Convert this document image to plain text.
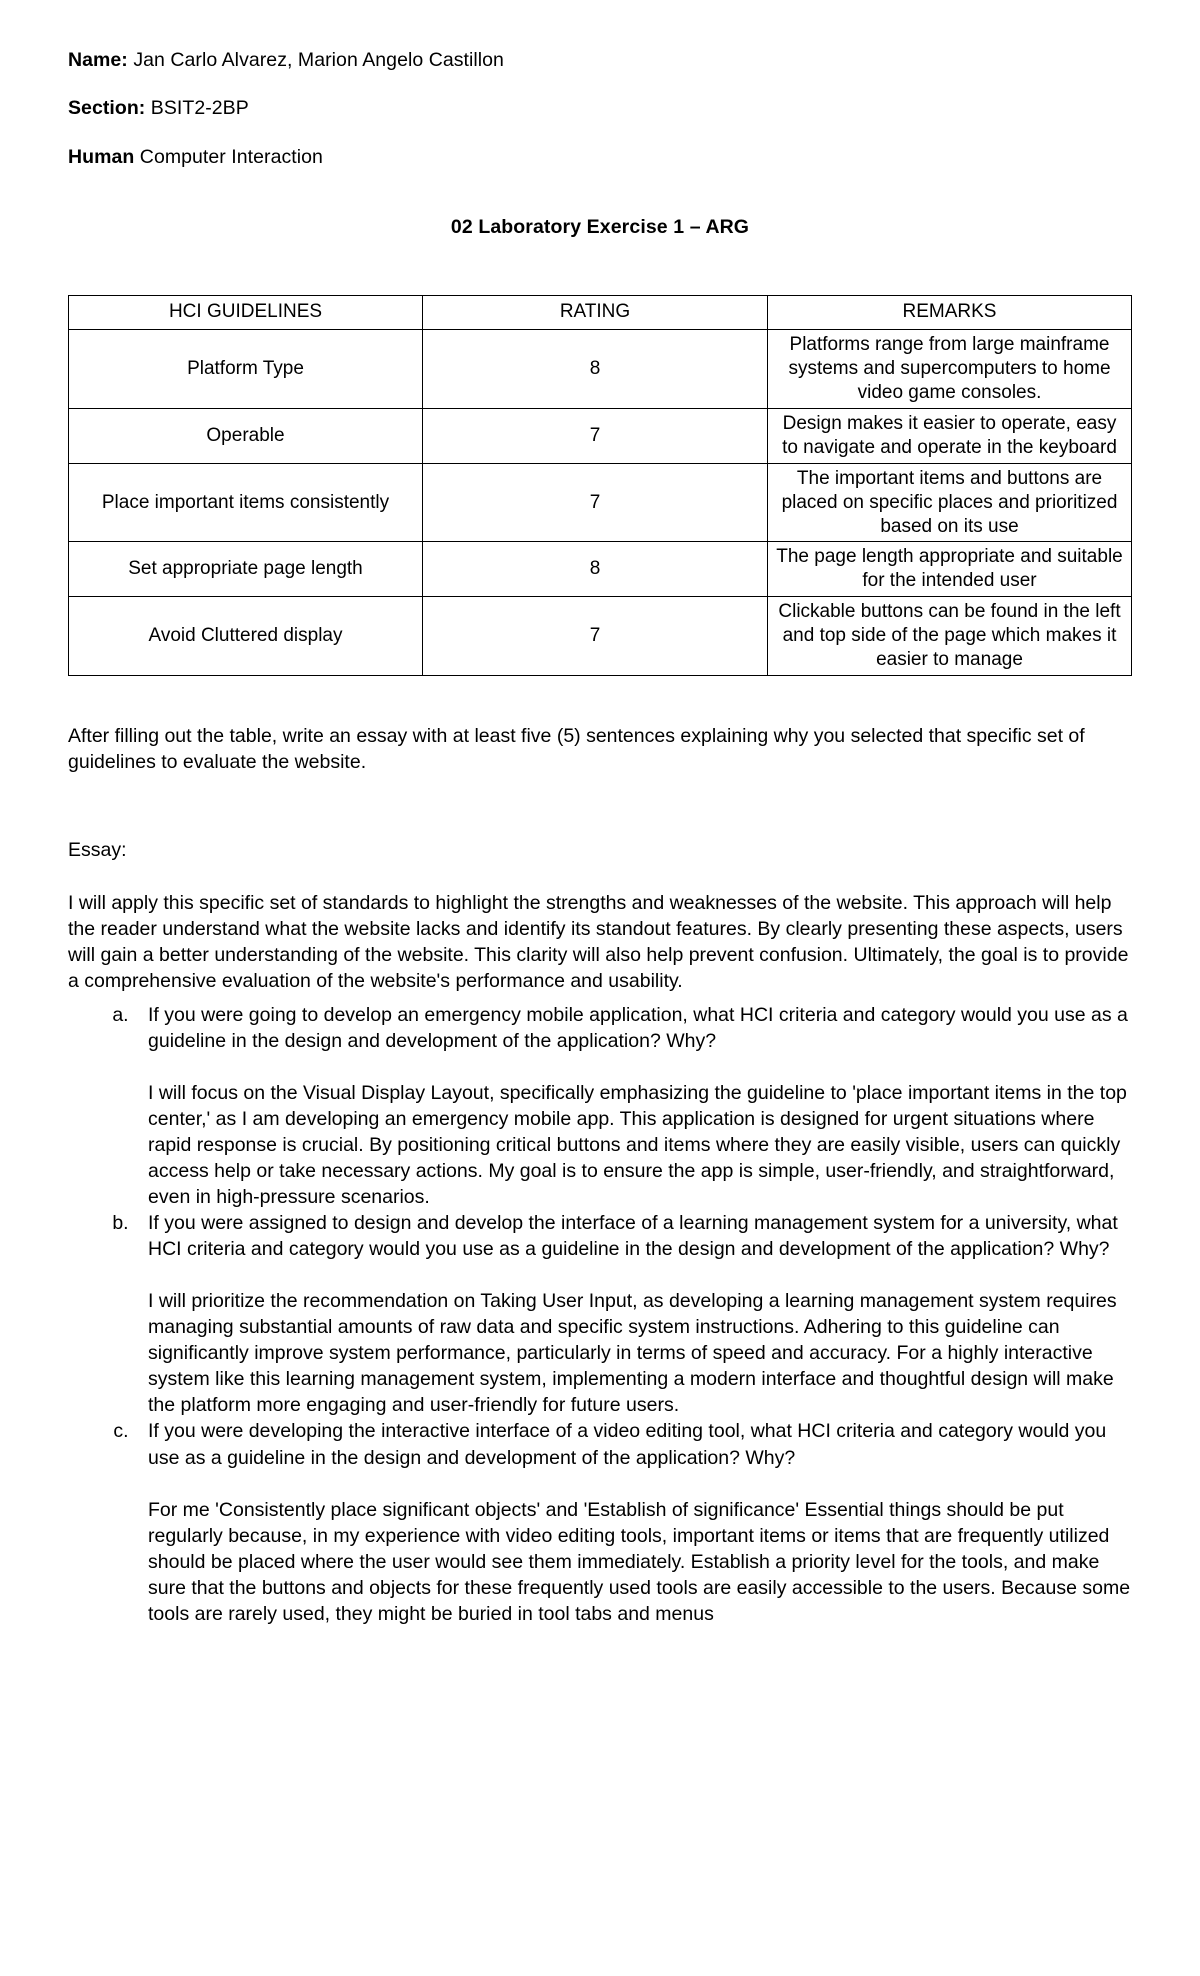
Name: Jan Carlo Alvarez, Marion Angelo Castillon

Section: BSIT2-2BP

Human Computer Interaction

02 Laboratory Exercise 1 – ARG
HCI GUIDELINES	RATING	REMARKS
Platform Type	8	Platforms range from large mainframe systems and supercomputers to home video game consoles.
Operable	7	Design makes it easier to operate, easy to navigate and operate in the keyboard
Place important items consistently	7	The important items and buttons are placed on specific places and prioritized based on its use
Set appropriate page length	8	The page length appropriate and suitable for the intended user
Avoid Cluttered display	7	Clickable buttons can be found in the left and top side of the page which makes it easier to manage

After filling out the table, write an essay with at least five (5) sentences explaining why you selected that specific set of guidelines to evaluate the website.

Essay:

I will apply this specific set of standards to highlight the strengths and weaknesses of the website. This approach will help the reader understand what the website lacks and identify its standout features. By clearly presenting these aspects, users will gain a better understanding of the website. This clarity will also help prevent confusion. Ultimately, the goal is to provide a comprehensive evaluation of the website's performance and usability.

a. If you were going to develop an emergency mobile application, what HCI criteria and category would you use as a guideline in the design and development of the application? Why?
I will focus on the Visual Display Layout, specifically emphasizing the guideline to 'place important items in the top center,' as I am developing an emergency mobile app. This application is designed for urgent situations where rapid response is crucial. By positioning critical buttons and items where they are easily visible, users can quickly access help or take necessary actions. My goal is to ensure the app is simple, user-friendly, and straightforward, even in high-pressure scenarios.
b. If you were assigned to design and develop the interface of a learning management system for a university, what HCI criteria and category would you use as a guideline in the design and development of the application? Why?
I will prioritize the recommendation on Taking User Input, as developing a learning management system requires managing substantial amounts of raw data and specific system instructions. Adhering to this guideline can significantly improve system performance, particularly in terms of speed and accuracy. For a highly interactive system like this learning management system, implementing a modern interface and thoughtful design will make the platform more engaging and user-friendly for future users.
c. If you were developing the interactive interface of a video editing tool, what HCI criteria and category would you use as a guideline in the design and development of the application? Why?
For me 'Consistently place significant objects' and 'Establish of significance' Essential things should be put regularly because, in my experience with video editing tools, important items or items that are frequently utilized should be placed where the user would see them immediately. Establish a priority level for the tools, and make sure that the buttons and objects for these frequently used tools are easily accessible to the users. Because some tools are rarely used, they might be buried in tool tabs and menus
